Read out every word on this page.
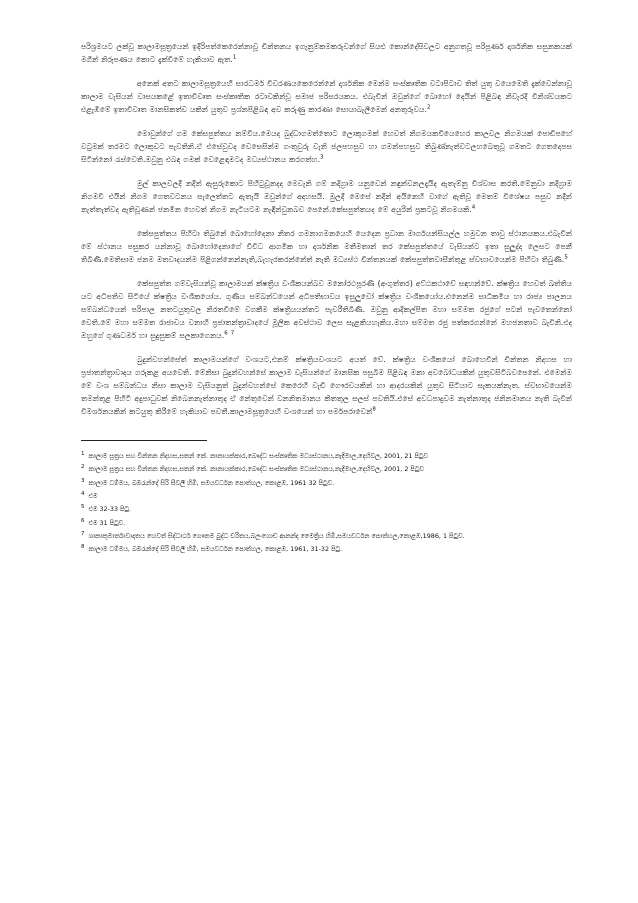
පරිශ්‍රමයට ලක්වූ කාලාමසූත්‍රයෙන් ඉදිරිපත්කෙරෙන්නාවූ චින්තනය ඉගැනුම්කමකරුවන්ගේ සියළු කොන්දේසිවලට අනුගතවූ පරිපූර්ණ දාර්ශනික සසුනකයක් මගින් නිරූපණය කොට දැක්වීමේ හැකියාව ඇත.$^1$

අනෙක් අතට කාලාමසූත්‍රයෙහි සාරධර්ම විවරණයකෙරෙන්නේ දාර්ශනික මෙන්ම සංස්කෘතික වටාපිටාව තිත් යුතු වයෙමෙති දැක්වෙන්නාවූ කාලාම වැසියන් වාසයකළේ ඉතාවිවෘත සංස්කෘතික රටාවකින්වූ සමාජ පරිසරයකය. එබැවින් ඔවුන්ගේ බොහෝ දෙයින් පිළිබඳ නිවැරදි විනිශ්චයකට එළැඹීමේ ඉතාවිවෘත මානසිකත්ව යකින් යුතුව ප්‍රශ්නපිළිබඳ අව කරුණු කාරණා සොයාබැලීමෙන් අනතුරුවය.$^2$

මොවුන්ගේ ගම කේසපුත්තය නම්විය.මෙයද බුද්ධාගමත්තොට ලොකුගමක් හෙවත් නිගමයකවියෙහෙර කාලවල නිගමයක් පොඩිපහේ වටුමක් තරමට ලොකුවට පැවතිනි.ඒ එසේවුවද වෙසෙසින්ම ගංතුවුරු වැනි ජලපහසුව හා ගමන්පහසුව තිබුණ්නැත්වටලහබෙතුවූ ගමතට ගෙතදෙපස සිටින්නෝ රැස්වෙති.ඔවුනු එබඳ ගමක් වෙළෙඳාමටද මධ්‍යස්ථානය කරගත්හ.$^3$

මුල් කාලවලදී නදීන් ඇසුරුකොට පිහිටුවූනදද මෙවැනි ගම් නදිග්‍රාම යනුවෙන් නඳුන්වනලදැයිද ඇතැම්නු විශ්වාස කරති.මේනුවා නදිග්‍රාම නිගමවී එයින් නිගම ගෙතවටනය සැලෙත්තට ඇතැයි ඔවුන්ගේ අදහසයි. මුලදී මෙසේ නදීන් අයිනෙහි වාගේ ඇතිවූ මෙතම් විශේෂය පසුව නදීන් නැත්තැත්වද ඇතිවූණන් ජනමීන හෙවත් නිගම නැටියටම නැඳින්වුනබව පෙනේ.කේසපුත්තයද මේ අයුරින් ප්‍රකටවූ නිගමයකි.$^4$

කේසපුත්තය පිහිටා තිබුනේ බොහෝදෙනා නිතර ගමනාගමනයෙහි යෙදෙන ප්‍රධාන මාර්ගයන්සියල්ල හමුවන තාවු ස්ථානයකය.එබැවින් මේ ස්ථානය පසුකර යන්නාවූ බොහෝදෙනාගේ විවිධ ආගමික හා දාර්ශනික මතීමතාන් තර කේසපුත්තයේ වැසියන්ට ඉතා සුලුද්ද ලෙසට පෙනී තිබිණි.මෙතිසාම ජනම මතවාදයන්ම පිළිගන්නෙන්නැති,බැහැරකරන්නේත් නැති මධ්‍යස්ථ චින්තනයක් කේසපුත්තවාසීන්තුළ ස්වභාවයෙන්ම පිහිටා තිබුණි.$^5$

කේසපුත්ත ගම්වැසියන්වූ කාලාමයන් ක්ෂත්‍රිය වංශිකයන්බව මනෝරථපූරණී (අංගුත්තර) අට්ඨකථාවේ සඳහන්වේ. ක්ෂත්‍රිය හෙවත් ඛත්තිය යට අධිපතිව සිටියේ ක්ෂත්‍රිය වංශිකයෝය. ගුණිය සම්බන්ධයෙන් අධිපතිභාවය ඉසුලුවෝ ක්ෂත්‍රිය වංශිකයෝය.එනෙන්ම සාධිකමිය හා රාජ්‍ය පාලනය සම්බන්ධයෙන් පරිපාල නතටයුතුවල නිරතවීමේ වගකීම ක්ෂත්‍රියයන්තට පැවරීතිබිණි. ඔවුනු ආදිකල්පිත මහා සම්මත රජුගේ පටන් පැවතෙන්නෝ වෙති.මේ මහා සම්මත රාජාවය වනාහි ප්‍රජාතන්ත්‍රාවාදයේ මූලික අවස්ථාව ලෙස සැළකියහැකිය.මහා සම්මත රජු පත්කරගන්නේ මහජනතාව බැවිනි.එද ඔහුගේ ගුණධර්ම හා සුදුසුකම් සලකාගෙනය.$^6$ $^7$

බුදුන්වහන්සේත් කාලාමයන්ගේ වංශයට,එනම් ක්ෂත්‍රියවංශයට අයත් වේ. ක්ෂත්‍රිය වංශිකයෝ බොහෙවින් චින්තන නිදහස හා ප්‍රජාතන්ත්‍රාවාදය ගරුකළ අයවෙති. මේනිසා බුදුන්වහන්සේ කාලාම වැසියන්ගේ මානසික පසුබිම පිළිබඳ මනා අවබෝධයකින් යුතුවසිටිබවපෙනේ. එමෙන්ම මේ වංශ සම්බන්ධය නිසා කාලාම වැසියනුත් බුදුන්වහන්සේ කෙරෙහි වැඩි ගෞරවයකින් හා ආදරයකින් යුතුව සිටියාට සැකයක්නැත. ස්වභාවයෙන්ම තමන්තුළ පිහිටි අදුපාධුවක් නිබෙනනැත්නාතුද ඒ නේතුවෙන් වනනිතමානය කිතතුල සලස් පවතියි.එසේ අවධපාදුවම නැත්නාතුද ජනිනමානය නැති බැවින් විමර්ශනයකින් කටයුතු කිරීමේ හැකියාව පවතී.කාලාමසූත්‍රයෙහි වංශයෙන් හා පර්මපරාවෙන්$^8$

1 කාලාම සූත්‍රය සහ චින්තන නිදහස,සතන් කේ. නානායක්කාර,බෞද්ධ සංස්කෘතික මධ්‍යස්ථානය,නැදිමාල,දෙහිවල, 2001, 21 පිටුව
2 කාලාම සූත්‍රය සහ චින්තන නිදහස,සතන් කේ. නානායක්කාර,බෞද්ධ සංස්කෘතික මධ්‍යස්ථානය,නැදිමාල,දෙහිවල, 2001, 2 පිටුව
3 කාලාම ධම්මය, බඹරැන්දේ සිරි සීවලී හිමි, සමයවර්ධන පොත්හල, කොළඹ, 1961 32 පිටුව.
4 එම
5 එම 32-33 පිටු.
6 එම 31 පිටුව.
7 ශාකාකුමාර්තාවාදාතය හෙවත් සිද්ධාර්ථ ගෞතම බුද්ධ චරිතය,බලංගොඩ ආනන්ද මෛත්‍රිය හිමි,සමයවර්ධන පොත්හල,කොළඹ,1986, 1 පිටුව.
8 කාලාම ධම්මය, බඹරැන්දේ සිරි සීවලී හිමි, සමයවර්ධන පොත්හල, කොළඹ, 1961, 31-32 පිටු.
